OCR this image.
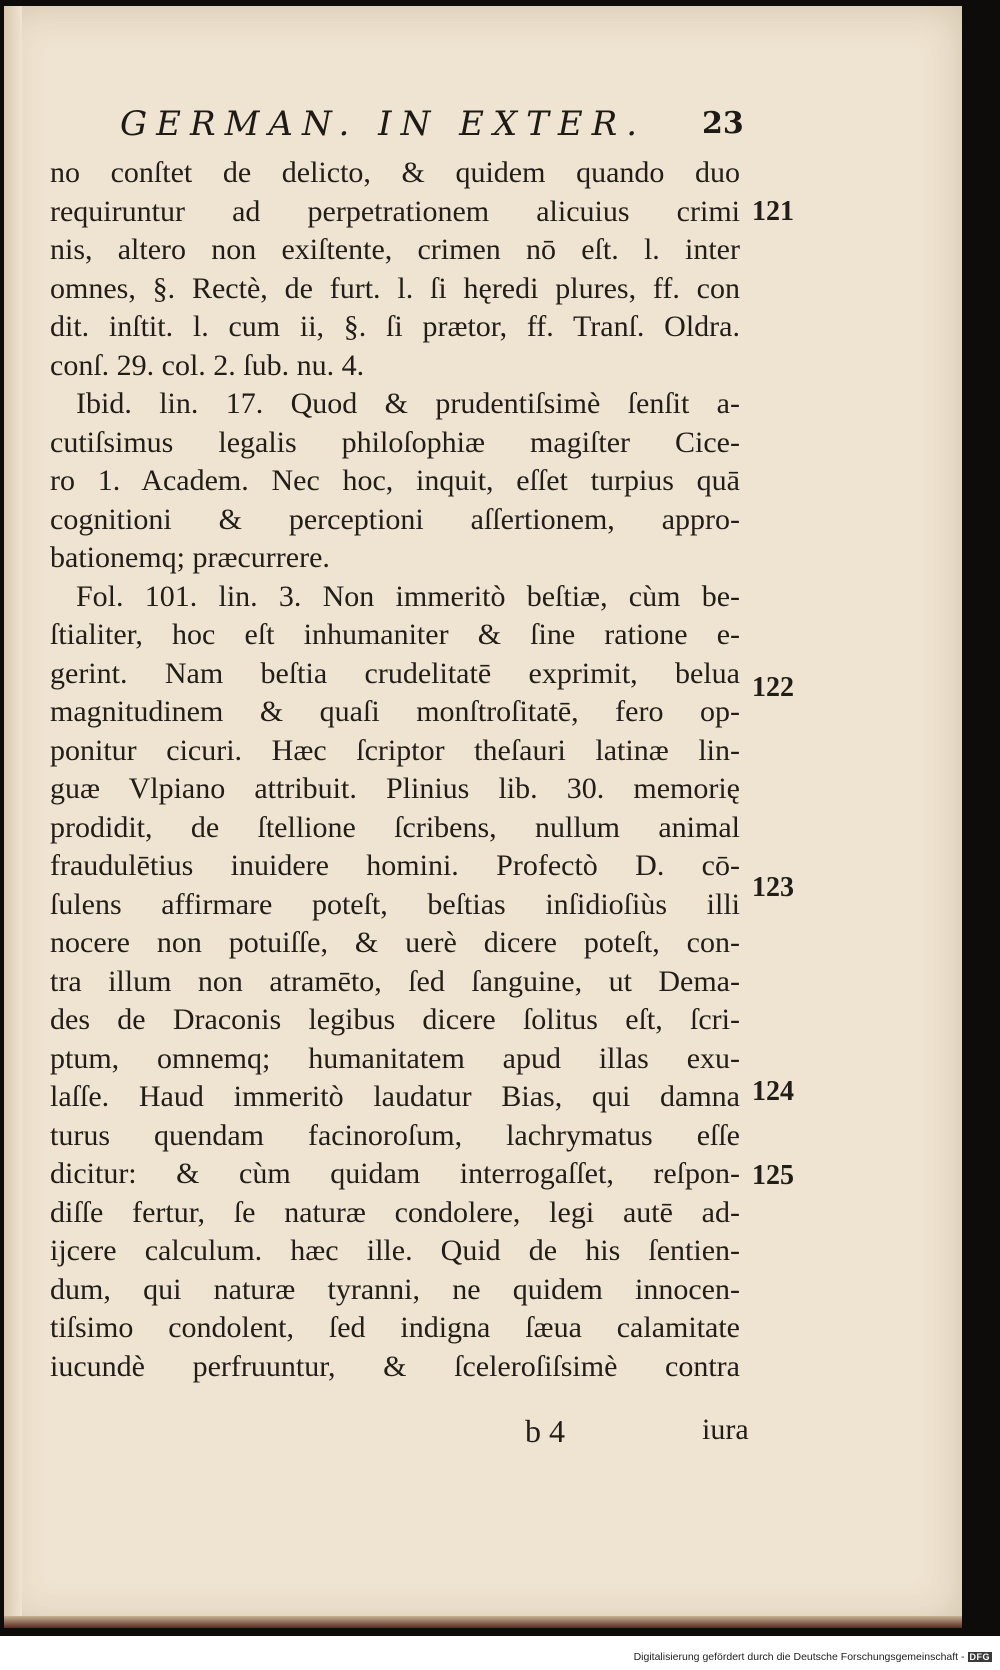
GERMAN. IN EXTER.	23
no conſtet de delicto, & quidem quando duo
requiruntur ad perpetrationem alicuius crimi
nis, altero non exiſtente, crimen nō eſt. l. inter
omnes, §. Rectè, de furt. l. ſi hęredi plures, ff. con
dit. inſtit. l. cum ii, §. ſi prætor, ff. Tranſ. Oldra.
conſ. 29. col. 2. ſub. nu. 4.
Ibid. lin. 17. Quod & prudentiſsimè ſenſit a-
cutiſsimus legalis philoſophiæ magiſter Cice-
ro 1. Academ. Nec hoc, inquit, eſſet turpius quā
cognitioni & perceptioni aſſertionem, appro-
bationemq; præcurrere.
Fol. 101. lin. 3. Non immeritò beſtiæ, cùm be-
ſtialiter, hoc eſt inhumaniter & ſine ratione e-
gerint. Nam beſtia crudelitatē exprimit, belua
magnitudinem & quaſi monſtroſitatē, fero op-
ponitur cicuri. Hæc ſcriptor theſauri latinæ lin-
guæ Vlpiano attribuit. Plinius lib. 30. memorię
prodidit, de ſtellione ſcribens, nullum animal
fraudulētius inuidere homini. Profectò D. cō-
ſulens affirmare poteſt, beſtias inſidioſiùs illi
nocere non potuiſſe, & uerè dicere poteſt, con-
tra illum non atramēto, ſed ſanguine, ut Dema-
des de Draconis legibus dicere ſolitus eſt, ſcri-
ptum, omnemq; humanitatem apud illas exu-
laſſe. Haud immeritò laudatur Bias, qui damna
turus quendam facinoroſum, lachrymatus eſſe
dicitur: & cùm quidam interrogaſſet, reſpon-
diſſe fertur, ſe naturæ condolere, legi autē ad-
ijcere calculum. hæc ille. Quid de his ſentien-
dum, qui naturæ tyranni, ne quidem innocen-
tiſsimo condolent, ſed indigna ſæua calamitate
iucundè perfruuntur, & ſceleroſiſsimè contra
121
122
123
124
125
b 4	iura
Digitalisierung gefördert durch die Deutsche Forschungsgemeinschaft - DFG
